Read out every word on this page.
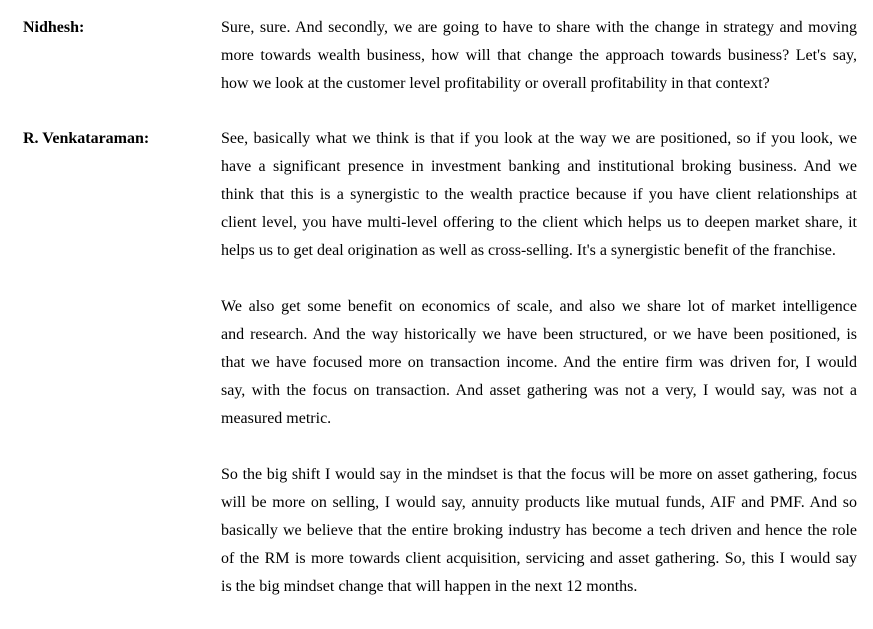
Nidhesh:	Sure, sure. And secondly, we are going to have to share with the change in strategy and moving
more towards wealth business, how will that change the approach towards business? Let's say,
how we look at the customer level profitability or overall profitability in that context?
R. Venkataraman:	See, basically what we think is that if you look at the way we are positioned, so if you look, we
have a significant presence in investment banking and institutional broking business. And we
think that this is a synergistic to the wealth practice because if you have client relationships at
client level, you have multi-level offering to the client which helps us to deepen market share, it
helps us to get deal origination as well as cross-selling. It's a synergistic benefit of the franchise.
We also get some benefit on economics of scale, and also we share lot of market intelligence
and research. And the way historically we have been structured, or we have been positioned, is
that we have focused more on transaction income. And the entire firm was driven for, I would
say, with the focus on transaction. And asset gathering was not a very, I would say, was not a
measured metric.
So the big shift I would say in the mindset is that the focus will be more on asset gathering, focus
will be more on selling, I would say, annuity products like mutual funds, AIF and PMF. And so
basically we believe that the entire broking industry has become a tech driven and hence the role
of the RM is more towards client acquisition, servicing and asset gathering. So, this I would say
is the big mindset change that will happen in the next 12 months.
